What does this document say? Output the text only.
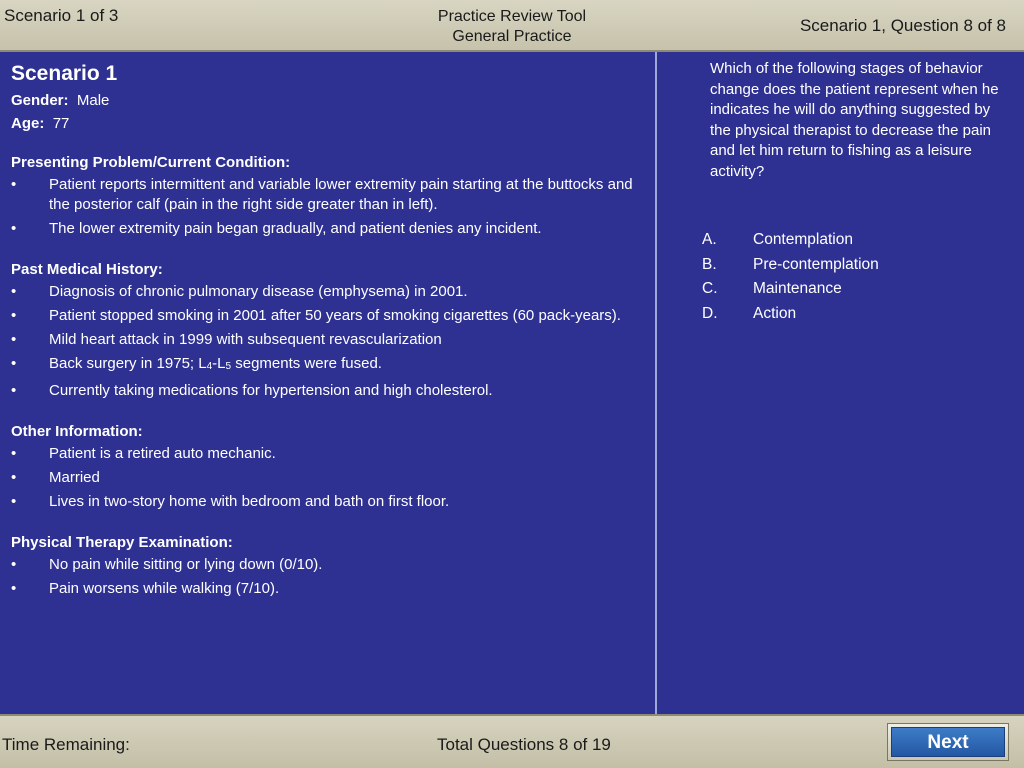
Scenario 1 of 3	Practice Review Tool
General Practice
Scenario 1, Question 8 of 8
Scenario 1
Gender: Male
Age: 77
Presenting Problem/Current Condition:
• Patient reports intermittent and variable lower extremity pain starting at the buttocks and the posterior calf (pain in the right side greater than in left).
• The lower extremity pain began gradually, and patient denies any incident.
Past Medical History:
• Diagnosis of chronic pulmonary disease (emphysema) in 2001.
• Patient stopped smoking in 2001 after 50 years of smoking cigarettes (60 pack-years).
• Mild heart attack in 1999 with subsequent revascularization
• Back surgery in 1975; $L_4-L_5$ segments were fused.
• Currently taking medications for hypertension and high cholesterol.
Other Information:
• Patient is a retired auto mechanic.
• Married
• Lives in two-story home with bedroom and bath on first floor.
Physical Therapy Examination:
• No pain while sitting or lying down (0/10).
• Pain worsens while walking (7/10).
Which of the following stages of behavior change does the patient represent when he indicates he will do anything suggested by the physical therapist to decrease the pain and let him return to fishing as a leisure activity?
A.	Contemplation
B.	Pre-contemplation
C.	Maintenance
D.	Action
Time Remaining:	Total Questions 8 of 19	Next
